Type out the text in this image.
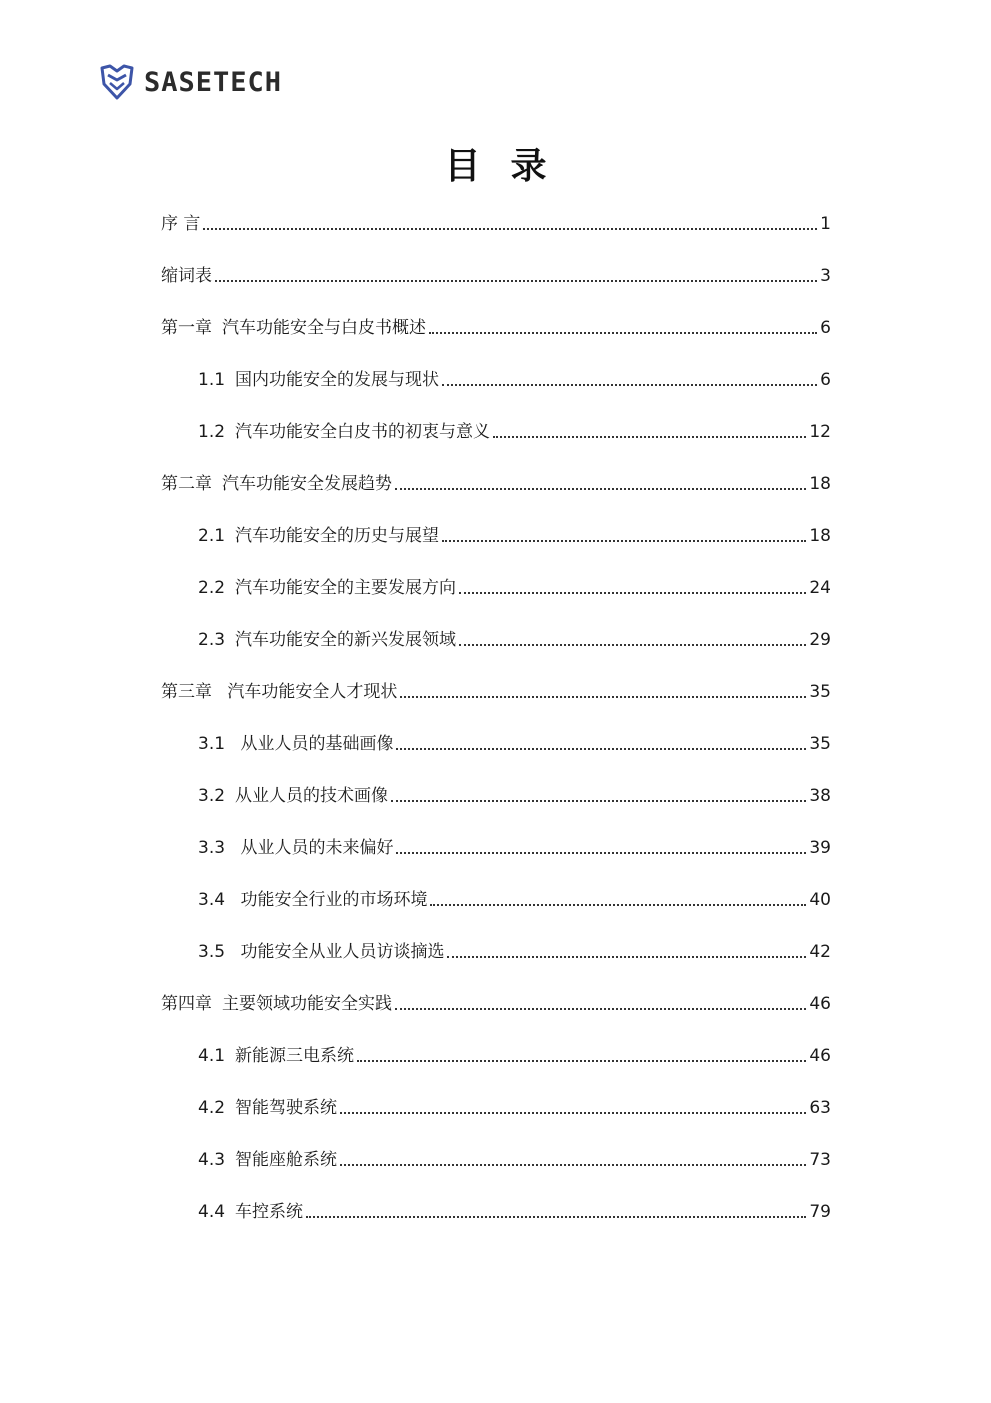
SASETECH
目录
序 言	1
缩词表	3
第一章 汽车功能安全与白皮书概述	6
1.1 国内功能安全的发展与现状	6
1.2 汽车功能安全白皮书的初衷与意义	12
第二章 汽车功能安全发展趋势	18
2.1 汽车功能安全的历史与展望	18
2.2 汽车功能安全的主要发展方向	24
2.3 汽车功能安全的新兴发展领域	29
第三章 汽车功能安全人才现状	35
3.1 从业人员的基础画像	35
3.2 从业人员的技术画像	38
3.3 从业人员的未来偏好	39
3.4 功能安全行业的市场环境	40
3.5 功能安全从业人员访谈摘选	42
第四章 主要领域功能安全实践	46
4.1 新能源三电系统	46
4.2 智能驾驶系统	63
4.3 智能座舱系统	73
4.4 车控系统	79
